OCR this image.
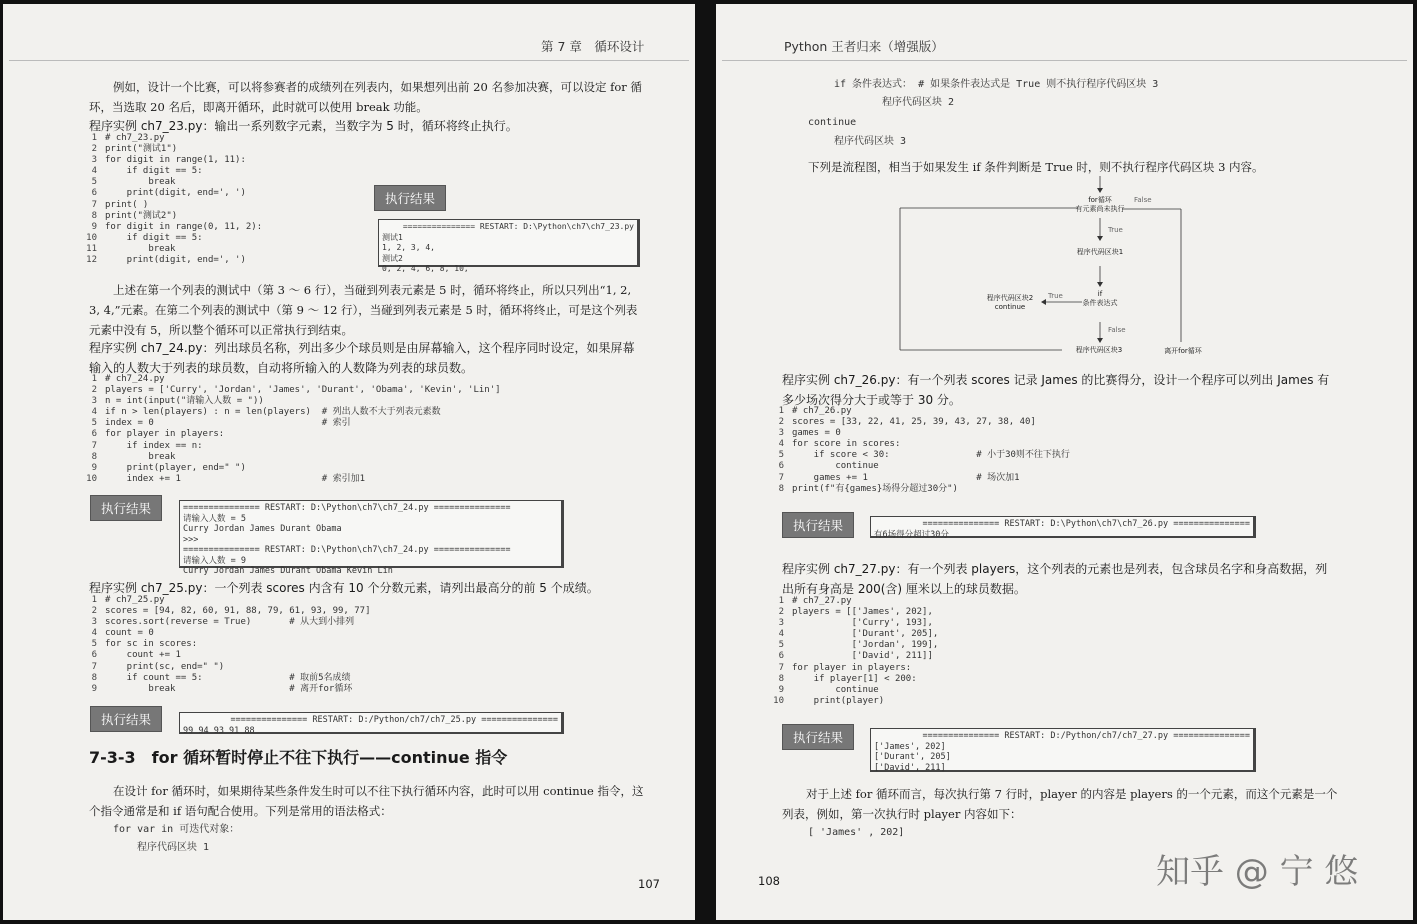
第 7 章　循环设计
例如，设计一个比赛，可以将参赛者的成绩列在列表内，如果想列出前 20 名参加决赛，可以设定 for 循环，当选取 20 名后，即离开循环，此时就可以使用 break 功能。
程序实例 ch7_23.py：输出一系列数字元素，当数字为 5 时，循环将终止执行。
1 # ch7_23.py
2 print("测试1")
3 for digit in range(1, 11):
4    if digit == 5:
5        break
6    print(digit, end=', ')
7 print( )
8 print("测试2")
9 for digit in range(0, 11, 2):
10    if digit == 5:
11        break
12    print(digit, end=', ')
执行结果
=============== RESTART: D:\Python\ch7\ch7_23.py
测试1
1, 2, 3, 4,
测试2
0, 2, 4, 6, 8, 10,
上述在第一个列表的测试中（第 3 ～ 6 行），当碰到列表元素是 5 时，循环将终止，所以只列出“1, 2, 3, 4,”元素。在第二个列表的测试中（第 9 ～ 12 行），当碰到列表元素是 5 时，循环将终止，可是这个列表元素中没有 5，所以整个循环可以正常执行到结束。
程序实例 ch7_24.py：列出球员名称，列出多少个球员则是由屏幕输入，这个程序同时设定，如果屏幕输入的人数大于列表的球员数，自动将所输入的人数降为列表的球员数。
1 # ch7_24.py
2 players = ['Curry', 'Jordan', 'James', 'Durant', 'Obama', 'Kevin', 'Lin']
3 n = int(input("请输入人数 = "))
4 if n > len(players) : n = len(players)  # 列出人数不大于列表元素数
5 index = 0                               # 索引
6 for player in players:
7    if index == n:
8        break
9    print(player, end=" ")
10    index += 1                          # 索引加1
执行结果	=============== RESTART: D:\Python\ch7\ch7_24.py ===============
请输入人数 = 5
Curry Jordan James Durant Obama
>>>
=============== RESTART: D:\Python\ch7\ch7_24.py ===============
请输入人数 = 9
Curry Jordan James Durant Obama Kevin Lin
程序实例 ch7_25.py：一个列表 scores 内含有 10 个分数元素，请列出最高分的前 5 个成绩。
1 # ch7_25.py
2 scores = [94, 82, 60, 91, 88, 79, 61, 93, 99, 77]
3 scores.sort(reverse = True)       # 从大到小排列
4 count = 0
5 for sc in scores:
6    count += 1
7    print(sc, end=" ")
8    if count == 5:                # 取前5名成绩
9        break                     # 离开for循环
执行结果	=============== RESTART: D:/Python/ch7/ch7_25.py ===============
99 94 93 91 88
7-3-3　for 循环暂时停止不往下执行——continue 指令
在设计 for 循环时，如果期待某些条件发生时可以不往下执行循环内容，此时可以用 continue 指令，这个指令通常是和 if 语句配合使用。下列是常用的语法格式：
for var in 可迭代对象：
程序代码区块 1
107
Python 王者归来（增强版）
if 条件表达式： # 如果条件表达式是 True 则不执行程序代码区块 3
程序代码区块 2
continue
程序代码区块 3
下列是流程图，相当于如果发生 if 条件判断是 True 时，则不执行程序代码区块 3 内容。
for循环
有元素尚未执行
False
True
程序代码区块1
if
条件表达式
True
程序代码区块2
continue
False
程序代码区块3	离开for循环
程序实例 ch7_26.py：有一个列表 scores 记录 James 的比赛得分，设计一个程序可以列出 James 有多少场次得分大于或等于 30 分。
1 # ch7_26.py
2 scores = [33, 22, 41, 25, 39, 43, 27, 38, 40]
3 games = 0
4 for score in scores:
5    if score < 30:                # 小于30则不往下执行
6        continue
7    games += 1                    # 场次加1
8 print(f"有{games}场得分超过30分")
执行结果	=============== RESTART: D:\Python\ch7\ch7_26.py ===============
有6场得分超过30分
程序实例 ch7_27.py：有一个列表 players，这个列表的元素也是列表，包含球员名字和身高数据，列出所有身高是 200(含) 厘米以上的球员数据。
1 # ch7_27.py
2 players = [['James', 202],
3           ['Curry', 193],
4           ['Durant', 205],
5           ['Jordan', 199],
6           ['David', 211]]
7 for player in players:
8    if player[1] < 200:
9        continue
10    print(player)
执行结果	=============== RESTART: D:/Python/ch7/ch7_27.py ===============
['James', 202]
['Durant', 205]
['David', 211]
对于上述 for 循环而言，每次执行第 7 行时，player 的内容是 players 的一个元素，而这个元素是一个列表，例如，第一次执行时 player 内容如下：
[ 'James' , 202]
108	知乎 @ 宁 悠
